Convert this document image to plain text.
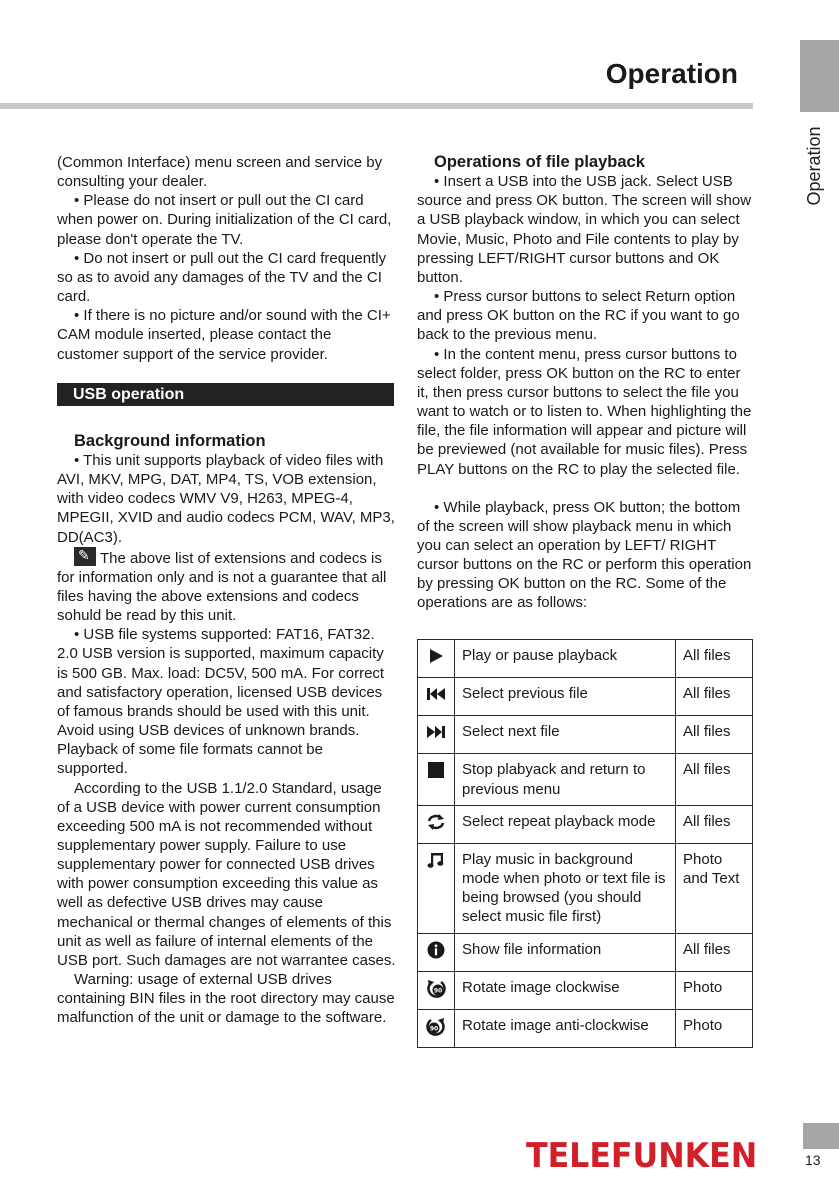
Operation
Operation

(Common Interface) menu screen and service by consulting your dealer.

• Please do not insert or pull out the CI card when power on. During initialization of the CI card, please don't operate the TV.

• Do not insert or pull out the CI card frequently so as to avoid any damages of the TV and the CI card.

• If there is no picture and/or sound with the CI+ CAM module inserted, please contact the customer support of the service provider.

Background information

• This unit supports playback of video files with AVI, MKV, MPG, DAT, MP4, TS, VOB extension, with video codecs WMV V9, H263, MPEG-4, MPEGII, XVID and audio codecs PCM, WAV, MP3, DD(AC3).

✎The above list of extensions and codecs is for information only and is not a guarantee that all files having the above extensions and codecs sohuld be read by this unit.

• USB file systems supported: FAT16, FAT32. 2.0 USB version is supported, maximum capacity is 500 GB. Max. load: DC5V, 500 mA. For correct and satisfactory operation, licensed USB devices of famous brands should be used with this unit. Avoid using USB devices of unknown brands. Playback of some file formats cannot be supported.

According to the USB 1.1/2.0 Standard, usage of a USB device with power current consumption exceeding 500 mA is not recommended without supplementary power supply. Failure to use supplementary power for connected USB drives with power consumption exceeding this value as well as defective USB drives may cause mechanical or thermal changes of elements of this unit as well as failure of internal elements of the USB port. Such damages are not warrantee cases.

Warning: usage of external USB drives containing BIN files in the root directory may cause malfunction of the unit or damage to the software.

USB operation

Operations of file playback

• Insert a USB into the USB jack. Select USB source and press OK button. The screen will show a USB playback window, in which you can select Movie, Music, Photo and File contents to play by pressing LEFT/RIGHT cursor buttons and OK button.

• Press cursor buttons to select Return option and press OK button on the RC if you want to go back to the previous menu.

• In the content menu, press cursor buttons to select folder, press OK button on the RC to enter it, then press cursor buttons to select the file you want to watch or to listen to. When highlighting the file, the file information will appear and picture will be previewed (not available for music files). Press PLAY buttons on the RC to play the selected file.

• While playback, press OK button; the bottom of the screen will show playback menu in which you can select an operation by LEFT/ RIGHT cursor buttons on the RC or perform this operation by pressing OK button on the RC. Some of the operations are as follows:

	Play or pause playback	All files
	Select previous file	All files
	Select next file	All files
	Stop plabyack and return to previous menu	All files
	Select repeat playback mode	All files
	Play music in background mode when photo or text file is being browsed (you should select music file first)	Photo and Text
	Show file information	All files

90	Rotate image clockwise	Photo

90	Rotate image anti-clockwise	Photo
TELEFUNKEN	13
